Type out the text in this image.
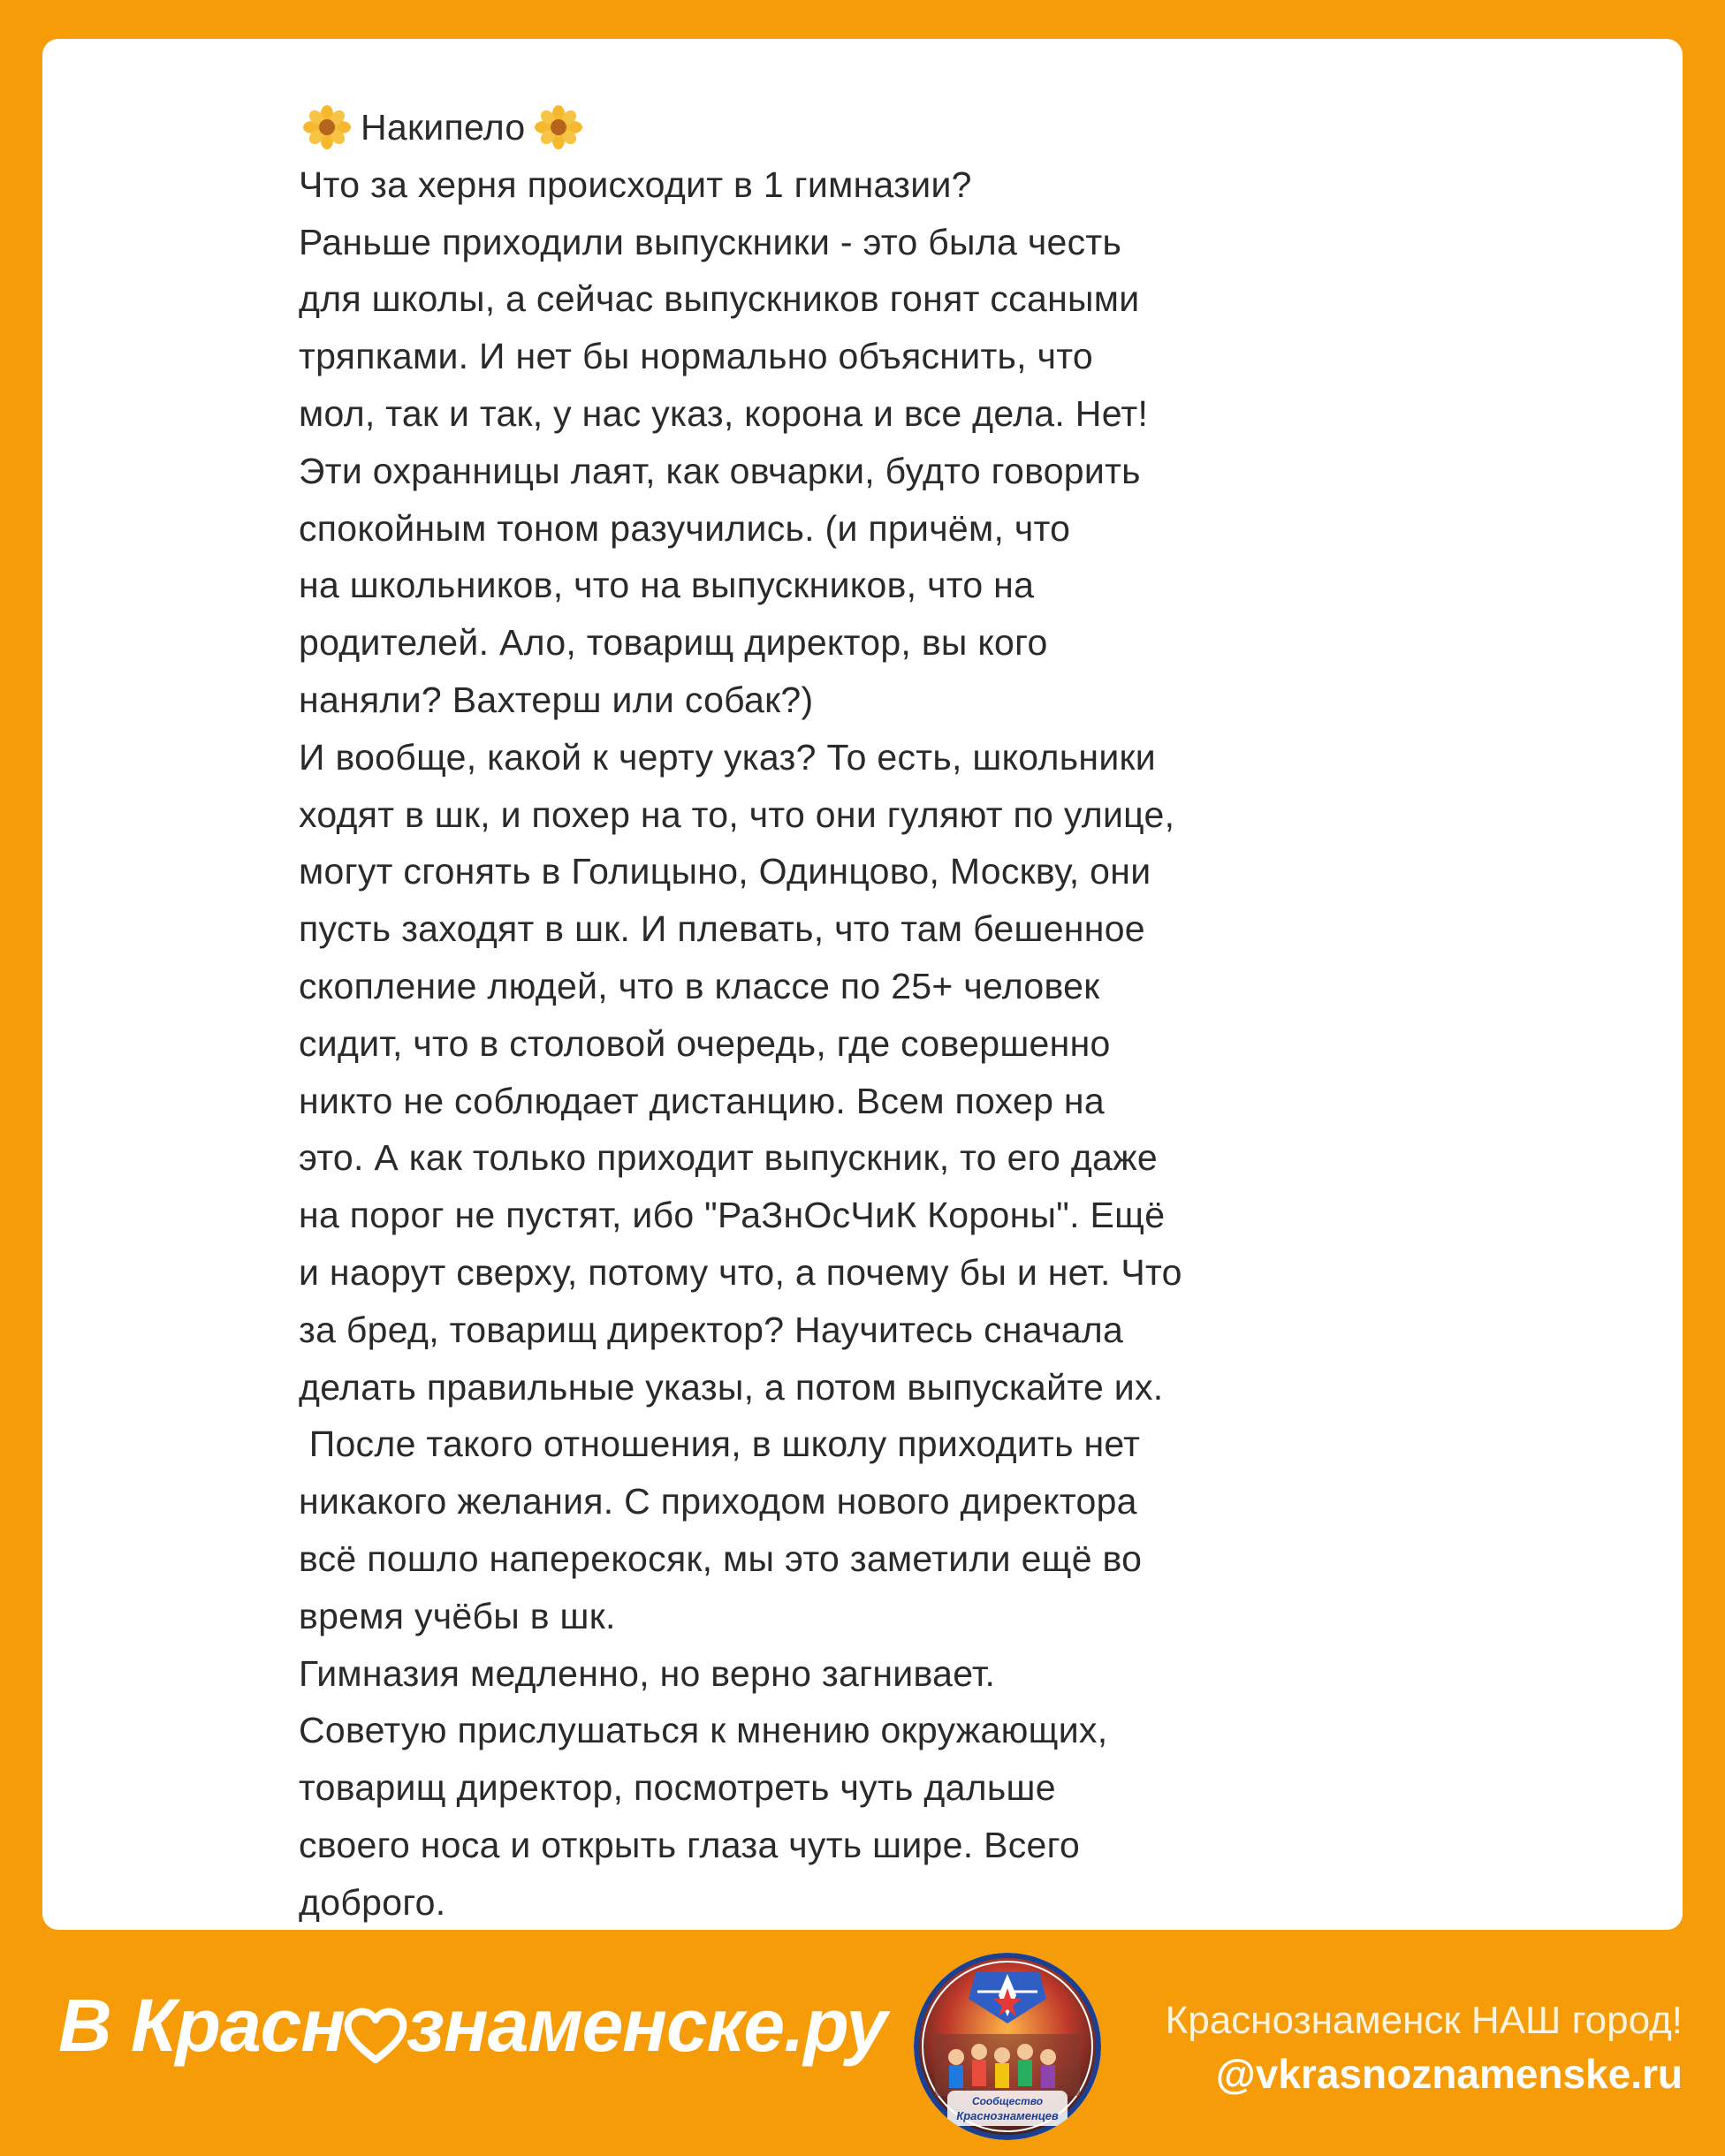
Накипело
Что за херня происходит в 1 гимназии?
Раньше приходили выпускники - это была честь
для школы, а сейчас выпускников гонят ссаными
тряпками. И нет бы нормально объяснить, что
мол, так и так, у нас указ, корона и все дела. Нет!
Эти охранницы лаят, как овчарки, будто говорить
спокойным тоном разучились. (и причём, что
на школьников, что на выпускников, что на
родителей. Ало, товарищ директор, вы кого
наняли? Вахтерш или собак?)
И вообще, какой к черту указ? То есть, школьники
ходят в шк, и похер на то, что они гуляют по улице,
могут сгонять в Голицыно, Одинцово, Москву, они
пусть заходят в шк. И плевать, что там бешенное
скопление людей, что в классе по 25+ человек
сидит, что в столовой очередь, где совершенно
никто не соблюдает дистанцию. Всем похер на
это. А как только приходит выпускник, то его даже
на порог не пустят, ибо "РаЗнОсЧиК Короны". Ещё
и наорут сверху, потому что, а почему бы и нет. Что
за бред, товарищ директор? Научитесь сначала
делать правильные указы, а потом выпускайте их.
После такого отношения, в школу приходить нет
никакого желания. С приходом нового директора
всё пошло наперекосяк, мы это заметили ещё во
время учёбы в шк.
Гимназия медленно, но верно загнивает.
Советую прислушаться к мнению окружающих,
товарищ директор, посмотреть чуть дальше
своего носа и открыть глаза чуть шире. Всего
доброго.
В Красн знаменске.ру
Сообщество
Краснознаменцев
Краснознаменск НАШ город!
@vkrasnoznamenske.ru
